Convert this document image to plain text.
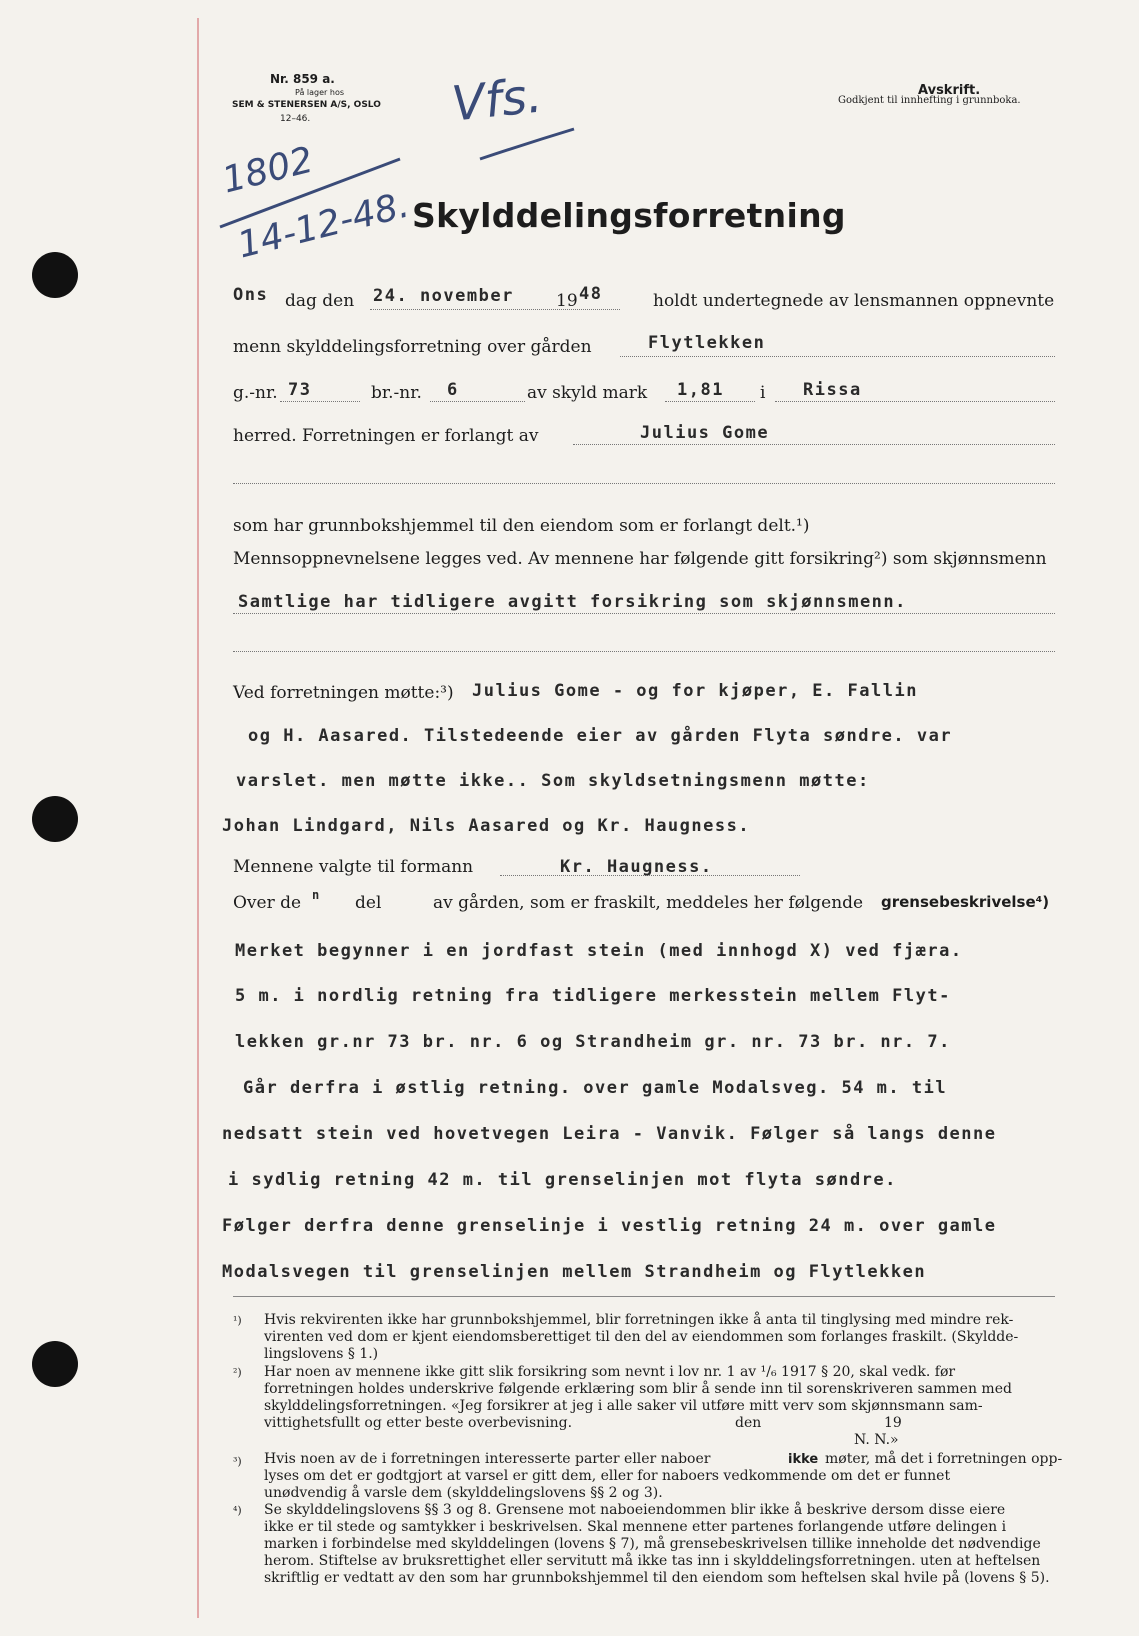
Nr. 859 a.
På lager hos
SEM & STENERSEN A/S, OSLO
12–46.
Avskrift.
Godkjent til innhefting i grunnboka.
Vfs.
1802
14-12-48.
Skylddelingsforretning
Ons dag den 24. november 19 48	holdt undertegnede av lensmannen oppnevnte
menn skylddelingsforretning over gården	Flytlekken
g.-nr. 73	br.-nr. 6	av skyld mark 1,81 i Rissa
herred. Forretningen er forlangt av	Julius Gome
som har grunnbokshjemmel til den eiendom som er forlangt delt.¹)
Mennsoppnevnelsene legges ved. Av mennene har følgende gitt forsikring²) som skjønnsmenn
Samtlige har tidligere avgitt forsikring som skjønnsmenn.
Ved forretningen møtte:³) Julius Gome - og for kjøper, E. Fallin
og H. Aasared. Tilstedeende eier av gården Flyta søndre. var
varslet. men møtte ikke.. Som skyldsetningsmenn møtte:
Johan Lindgard, Nils Aasared og Kr. Haugness.
Mennene valgte til formann	Kr. Haugness.
Over de n del	av gården, som er fraskilt, meddeles her følgende grensebeskrivelse⁴)
Merket begynner i en jordfast stein (med innhogd X) ved fjæra.
5 m. i nordlig retning fra tidligere merkesstein mellem Flyt-
lekken gr.nr 73 br. nr. 6 og Strandheim gr. nr. 73 br. nr. 7.
Går derfra i østlig retning. over gamle Modalsveg. 54 m. til
nedsatt stein ved hovetvegen Leira - Vanvik. Følger så langs denne
i sydlig retning 42 m. til grenselinjen mot flyta søndre.
Følger derfra denne grenselinje i vestlig retning 24 m. over gamle
Modalsvegen til grenselinjen mellem Strandheim og Flytlekken
¹) Hvis rekvirenten ikke har grunnbokshjemmel, blir forretningen ikke å anta til tinglysing med mindre rek-
virenten ved dom er kjent eiendomsberettiget til den del av eiendommen som forlanges fraskilt. (Skyldde-
lingslovens § 1.)
²) Har noen av mennene ikke gitt slik forsikring som nevnt i lov nr. 1 av ¹/₆ 1917 § 20, skal vedk. før
forretningen holdes underskrive følgende erklæring som blir å sende inn til sorenskriveren sammen med
skylddelingsforretningen. «Jeg forsikrer at jeg i alle saker vil utføre mitt verv som skjønnsmann sam-
vittighetsfullt og etter beste overbevisning.	den	19
N. N.»
³) Hvis noen av de i forretningen interesserte parter eller naboer	ikke møter, må det i forretningen opp-
lyses om det er godtgjort at varsel er gitt dem, eller for naboers vedkommende om det er funnet
unødvendig å varsle dem (skylddelingslovens §§ 2 og 3).
⁴) Se skylddelingslovens §§ 3 og 8. Grensene mot naboeiendommen blir ikke å beskrive dersom disse eiere
ikke er til stede og samtykker i beskrivelsen. Skal mennene etter partenes forlangende utføre delingen i
marken i forbindelse med skylddelingen (lovens § 7), må grensebeskrivelsen tillike inneholde det nødvendige
herom. Stiftelse av bruksrettighet eller servitutt må ikke tas inn i skylddelingsforretningen. uten at heftelsen
skriftlig er vedtatt av den som har grunnbokshjemmel til den eiendom som heftelsen skal hvile på (lovens § 5).
